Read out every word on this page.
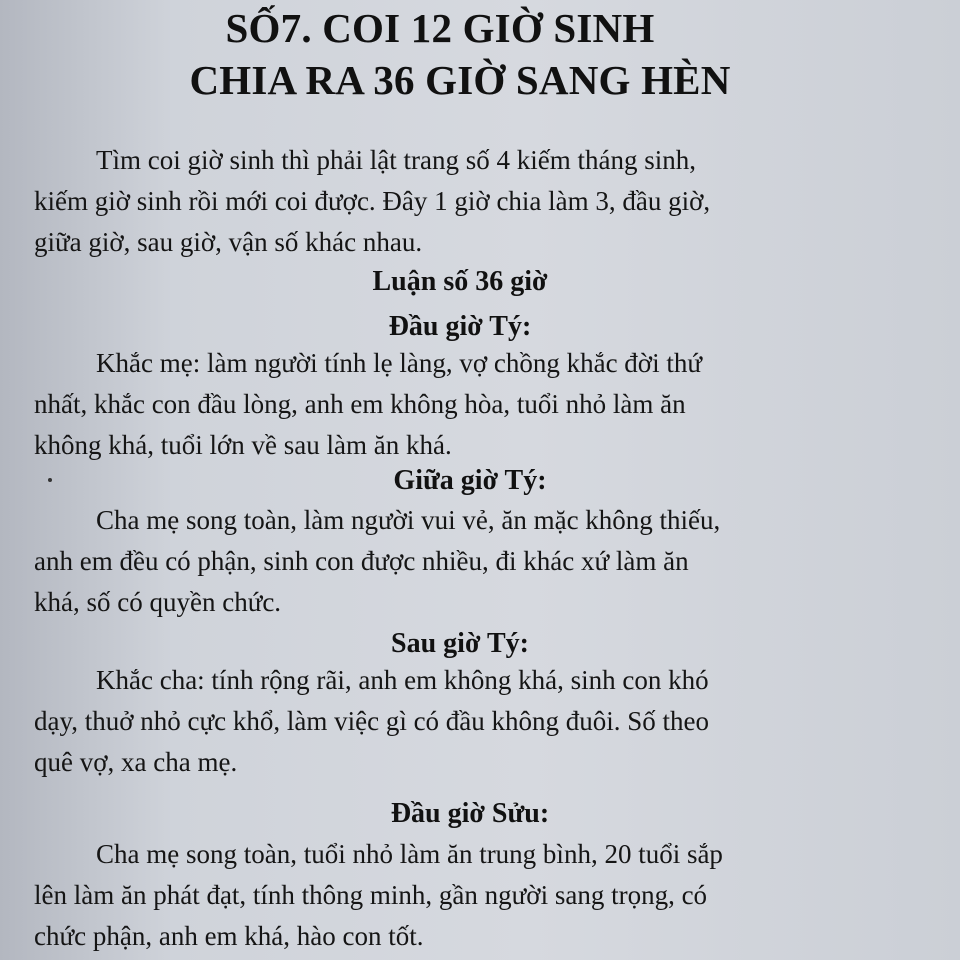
SỐ7. COI 12 GIỜ SINH
CHIA RA 36 GIỜ SANG HÈN
Tìm coi giờ sinh thì phải lật trang số 4 kiếm tháng sinh,
kiếm giờ sinh rồi mới coi được. Đây 1 giờ chia làm 3, đầu giờ,
giữa giờ, sau giờ, vận số khác nhau.
Luận số 36 giờ
Đầu giờ Tý:
Khắc mẹ: làm người tính lẹ làng, vợ chồng khắc đời thứ
nhất, khắc con đầu lòng, anh em không hòa, tuổi nhỏ làm ăn
không khá, tuổi lớn về sau làm ăn khá.
Giữa giờ Tý:
Cha mẹ song toàn, làm người vui vẻ, ăn mặc không thiếu,
anh em đều có phận, sinh con được nhiều, đi khác xứ làm ăn
khá, số có quyền chức.
Sau giờ Tý:
Khắc cha: tính rộng rãi, anh em không khá, sinh con khó
dạy, thuở nhỏ cực khổ, làm việc gì có đầu không đuôi. Số theo
quê vợ, xa cha mẹ.
Đầu giờ Sửu:
Cha mẹ song toàn, tuổi nhỏ làm ăn trung bình, 20 tuổi sắp
lên làm ăn phát đạt, tính thông minh, gần người sang trọng, có
chức phận, anh em khá, hào con tốt.
